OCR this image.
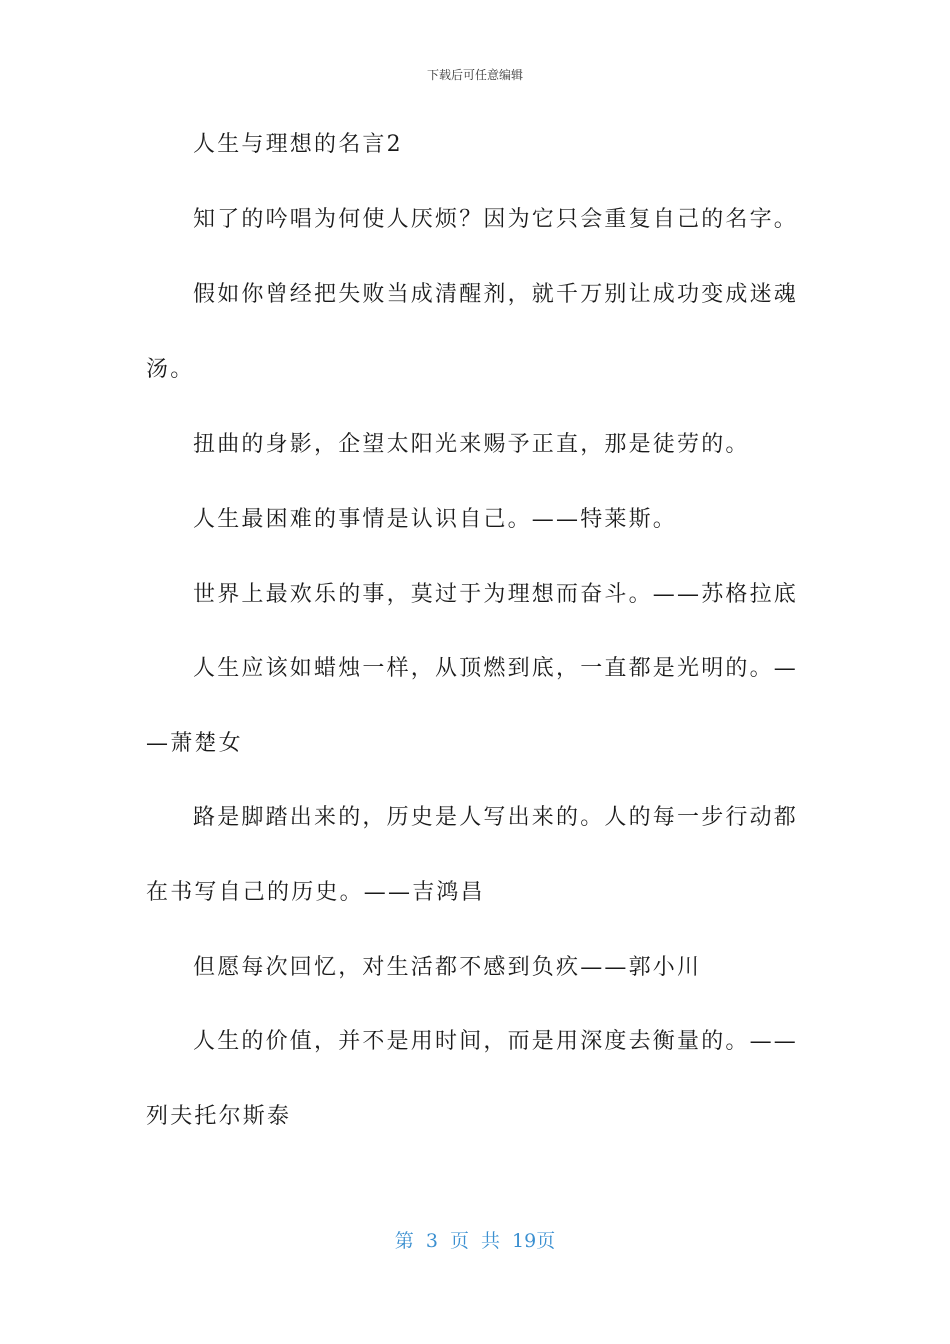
下载后可任意编辑
人生与理想的名言2
知了的吟唱为何使人厌烦？因为它只会重复自己的名字。
假如你曾经把失败当成清醒剂，就千万别让成功变成迷魂
汤。
扭曲的身影，企望太阳光来赐予正直，那是徒劳的。
人生最困难的事情是认识自己。——特莱斯。
世界上最欢乐的事，莫过于为理想而奋斗。——苏格拉底
人生应该如蜡烛一样，从顶燃到底，一直都是光明的。—
—萧楚女
路是脚踏出来的，历史是人写出来的。人的每一步行动都
在书写自己的历史。——吉鸿昌
但愿每次回忆，对生活都不感到负疚——郭小川
人生的价值，并不是用时间，而是用深度去衡量的。——
列夫托尔斯泰
第 3 页 共 19页
